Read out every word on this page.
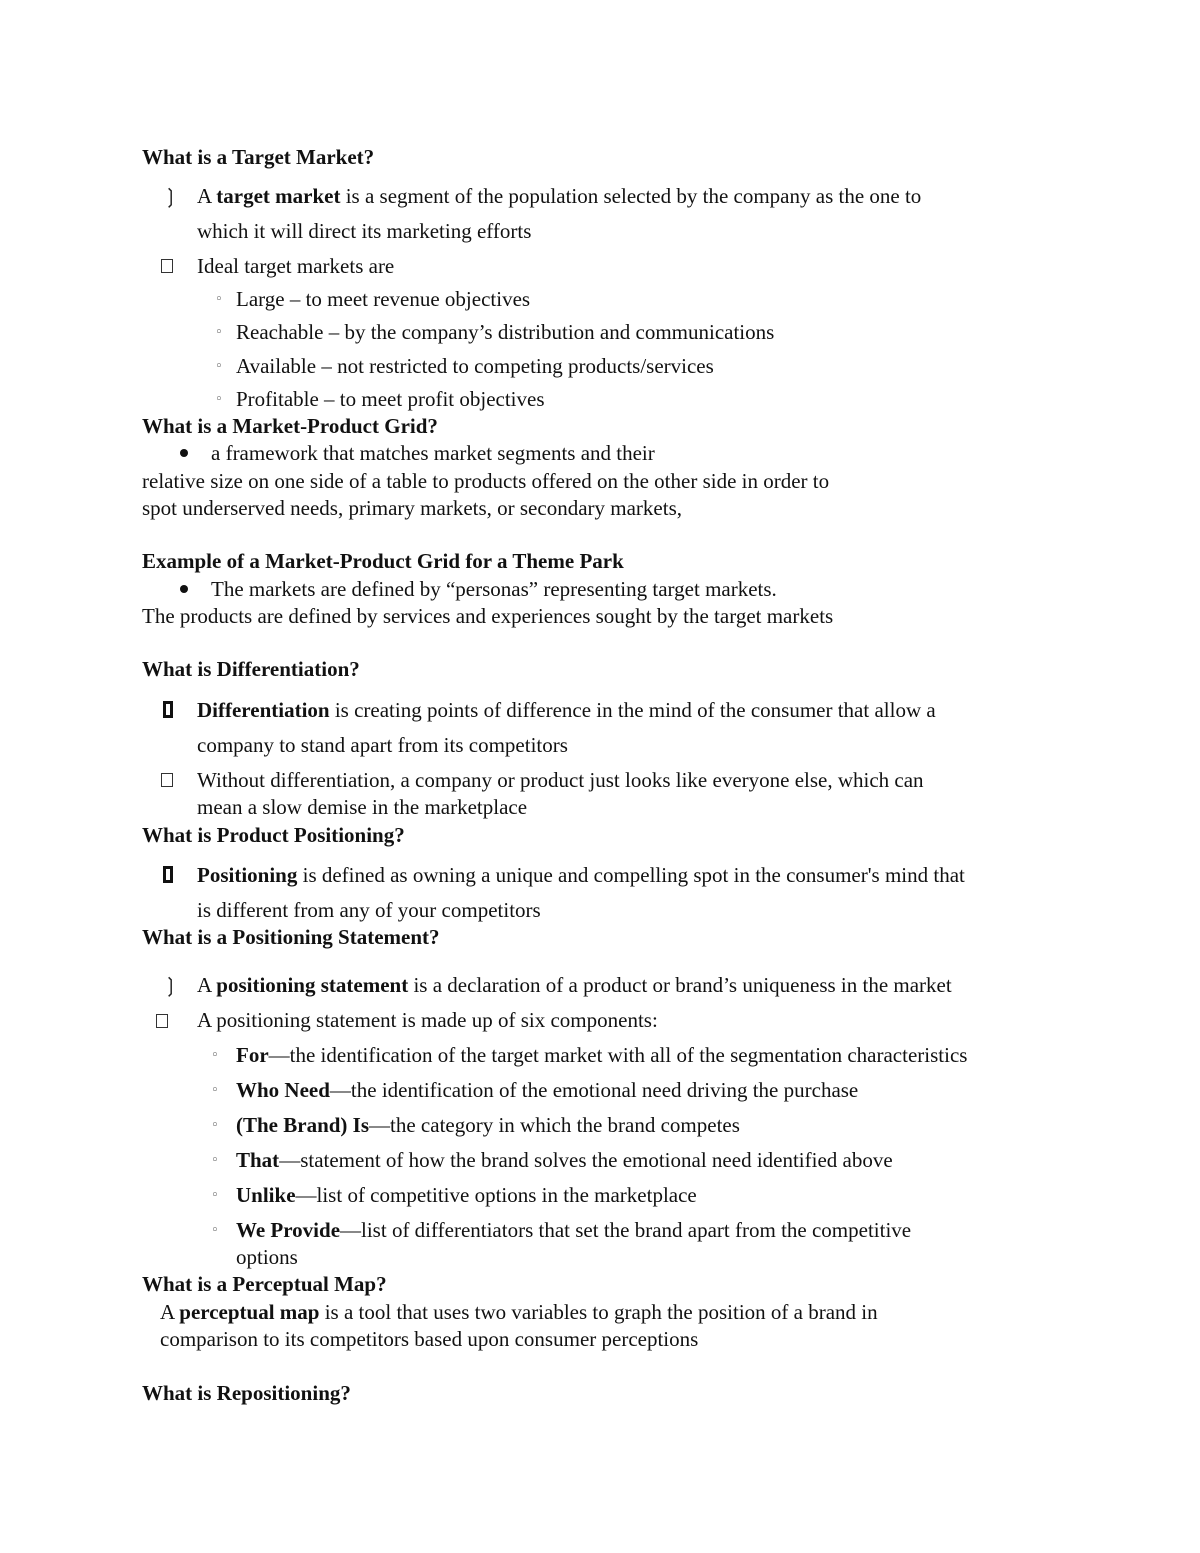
What is a Target Market?
❳ A target market is a segment of the population selected by the company as the one to
which it will direct its marketing efforts
Ideal target markets are
◦ Large – to meet revenue objectives
◦ Reachable – by the company’s distribution and communications
◦ Available – not restricted to competing products/services
◦ Profitable – to meet profit objectives
What is a Market-Product Grid?
a framework that matches market segments and their
relative size on one side of a table to products offered on the other side in order to
spot underserved needs, primary markets, or secondary markets,
Example of a Market-Product Grid for a Theme Park
The markets are defined by “personas” representing target markets.
The products are defined by services and experiences sought by the target markets
What is Differentiation?
Differentiation is creating points of difference in the mind of the consumer that allow a
company to stand apart from its competitors
Without differentiation, a company or product just looks like everyone else, which can
mean a slow demise in the marketplace
What is Product Positioning?
Positioning is defined as owning a unique and compelling spot in the consumer's mind that
is different from any of your competitors
What is a Positioning Statement?
❳ A positioning statement is a declaration of a product or brand’s uniqueness in the market
A positioning statement is made up of six components:
◦ For—the identification of the target market with all of the segmentation characteristics
◦ Who Need—the identification of the emotional need driving the purchase
◦ (The Brand) Is—the category in which the brand competes
◦ That—statement of how the brand solves the emotional need identified above
◦ Unlike—list of competitive options in the marketplace
◦ We Provide—list of differentiators that set the brand apart from the competitive
options
What is a Perceptual Map?
A perceptual map is a tool that uses two variables to graph the position of a brand in
comparison to its competitors based upon consumer perceptions
What is Repositioning?
